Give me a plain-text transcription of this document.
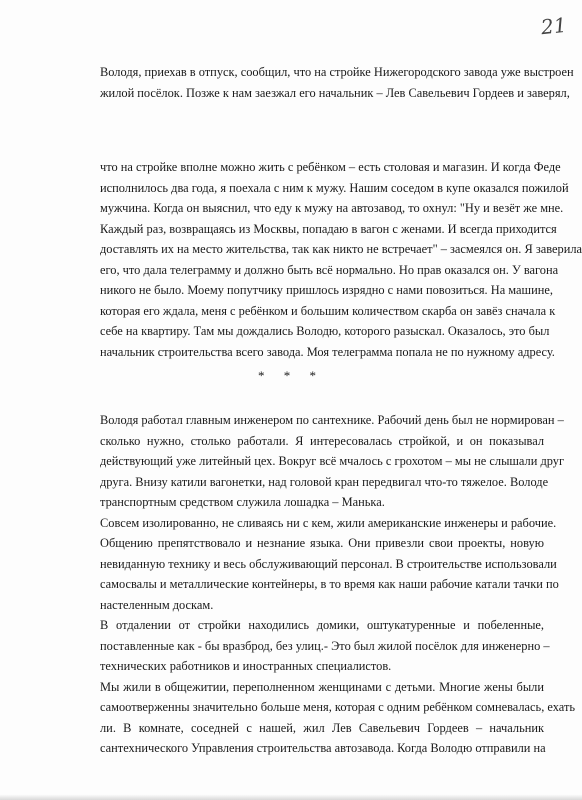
21
Володя, приехав в отпуск, сообщил, что на стройке Нижегородского завода уже выстроен
жилой посёлок. Позже к нам заезжал его начальник – Лев Савельевич Гордеев и заверял,
что на стройке вполне можно жить с ребёнком – есть столовая и магазин. И когда Феде
исполнилось два года, я поехала с ним к мужу. Нашим соседом в купе оказался пожилой
мужчина. Когда он выяснил, что еду к мужу на автозавод, то охнул: "Ну и везёт же мне.
Каждый раз, возвращаясь из Москвы, попадаю в вагон с женами. И всегда приходится
доставлять их на место жительства, так как никто не встречает" – засмеялся он. Я заверила
его, что дала телеграмму и должно быть всё нормально. Но прав оказался он. У вагона
никого не было. Моему попутчику пришлось изрядно с нами повозиться. На машине,
которая его ждала, меня с ребёнком и большим количеством скарба он завёз сначала к
себе на квартиру. Там мы дождались Володю, которого разыскал. Оказалось, это был
начальник строительства всего завода. Моя телеграмма попала не по нужному адресу.
* * *
Володя работал главным инженером по сантехнике. Рабочий день был не нормирован –
сколько нужно, столько работали. Я интересовалась стройкой, и он показывал
действующий уже литейный цех. Вокруг всё мчалось с грохотом – мы не слышали друг
друга. Внизу катили вагонетки, над головой кран передвигал что-то тяжелое. Володе
транспортным средством служила лошадка – Манька.
Совсем изолированно, не сливаясь ни с кем, жили американские инженеры и рабочие.
Общению препятствовало и незнание языка. Они привезли свои проекты, новую
невиданную технику и весь обслуживающий персонал. В строительстве использовали
самосвалы и металлические контейнеры, в то время как наши рабочие катали тачки по
настеленным доскам.
В отдалении от стройки находились домики, оштукатуренные и побеленные,
поставленные как - бы вразброд, без улиц.- Это был жилой посёлок для инженерно –
технических работников и иностранных специалистов.
Мы жили в общежитии, переполненном женщинами с детьми. Многие жены были
самоотверженны значительно больше меня, которая с одним ребёнком сомневалась, ехать
ли. В комнате, соседней с нашей, жил Лев Савельевич Гордеев – начальник
сантехнического Управления строительства автозавода. Когда Володю отправили на
